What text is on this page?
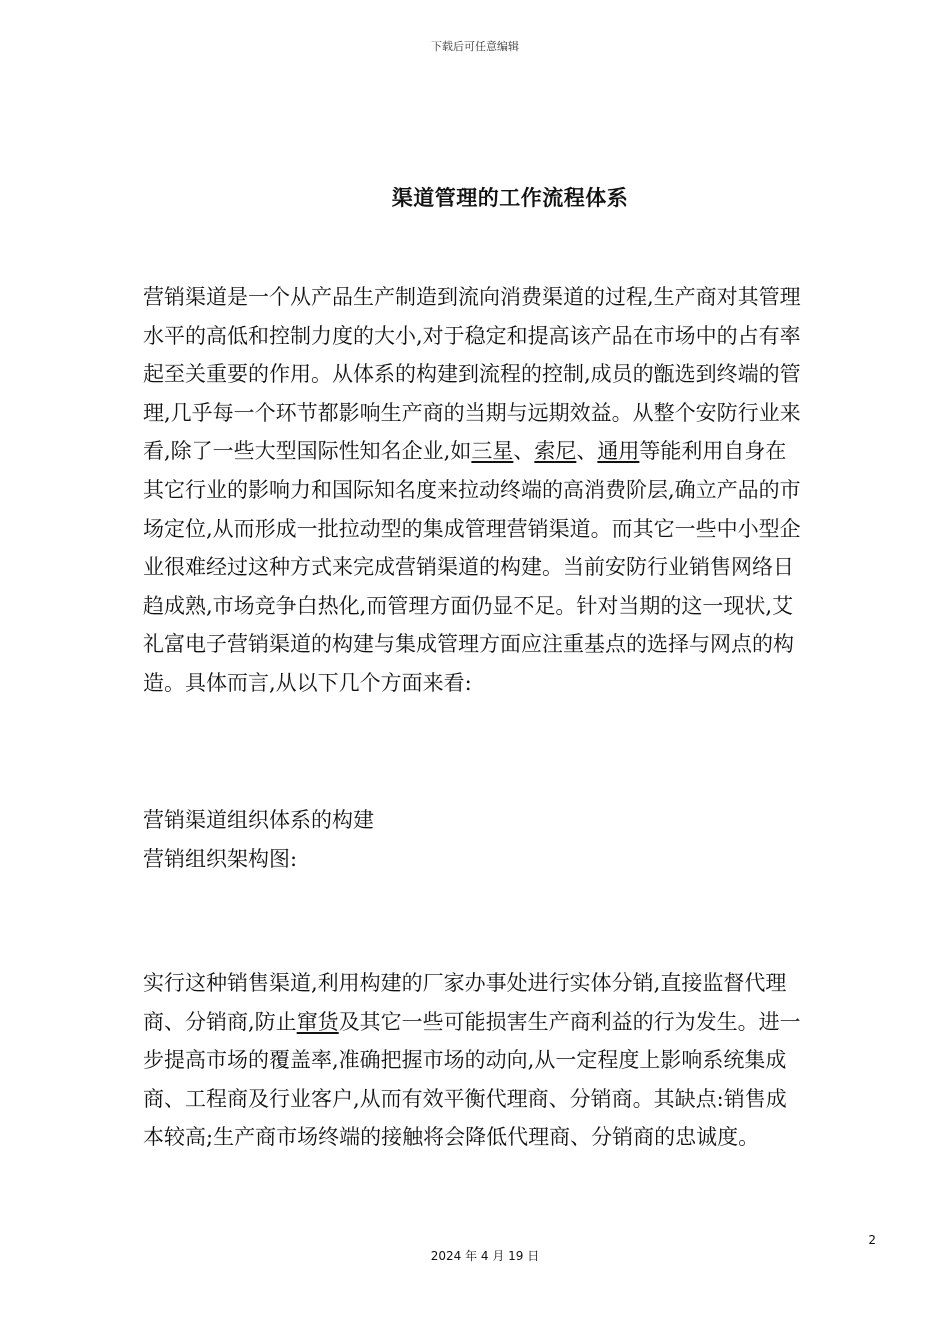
下载后可任意编辑
渠道管理的工作流程体系
营销渠道是一个从产品生产制造到流向消费渠道的过程,生产商对其管理
水平的高低和控制力度的大小,对于稳定和提高该产品在市场中的占有率
起至关重要的作用。从体系的构建到流程的控制,成员的甑选到终端的管
理,几乎每一个环节都影响生产商的当期与远期效益。从整个安防行业来
看,除了一些大型国际性知名企业,如三星、索尼、通用等能利用自身在
其它行业的影响力和国际知名度来拉动终端的高消费阶层,确立产品的市
场定位,从而形成一批拉动型的集成管理营销渠道。而其它一些中小型企
业很难经过这种方式来完成营销渠道的构建。当前安防行业销售网络日
趋成熟,市场竞争白热化,而管理方面仍显不足。针对当期的这一现状,艾
礼富电子营销渠道的构建与集成管理方面应注重基点的选择与网点的构
造。具体而言,从以下几个方面来看:
营销渠道组织体系的构建
营销组织架构图:
实行这种销售渠道,利用构建的厂家办事处进行实体分销,直接监督代理
商、分销商,防止窜货及其它一些可能损害生产商利益的行为发生。进一
步提高市场的覆盖率,准确把握市场的动向,从一定程度上影响系统集成
商、工程商及行业客户,从而有效平衡代理商、分销商。其缺点:销售成
本较高;生产商市场终端的接触将会降低代理商、分销商的忠诚度。
2
2024 年 4 月 19 日
